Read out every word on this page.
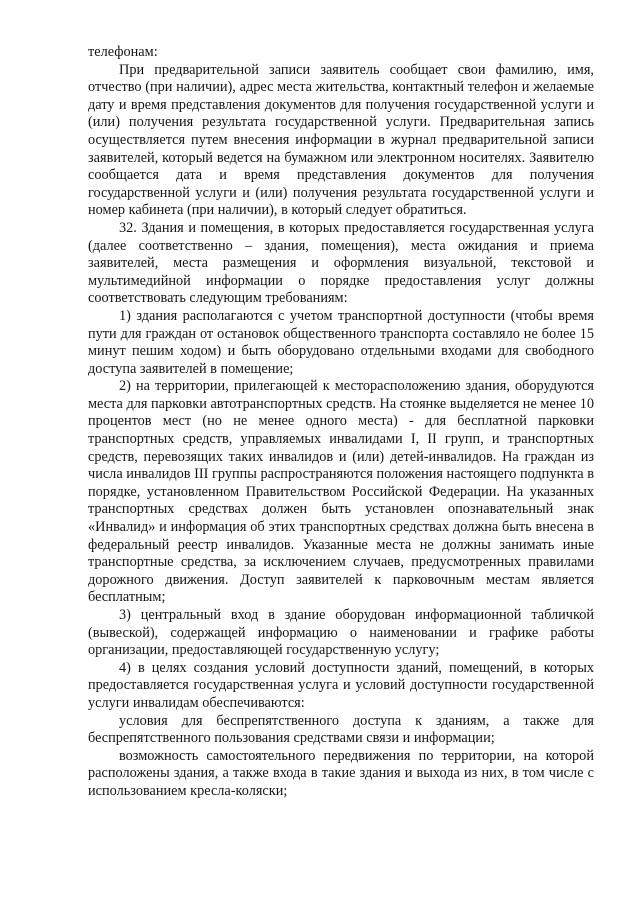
телефонам:

При предварительной записи заявитель сообщает свои фамилию, имя, отчество (при наличии), адрес места жительства, контактный телефон и желаемые дату и время представления документов для получения государственной услуги и (или) получения результата государственной услуги. Предварительная запись осуществляется путем внесения информации в журнал предварительной записи заявителей, который ведется на бумажном или электронном носителях. Заявителю сообщается дата и время представления документов для получения государственной услуги и (или) получения результата государственной услуги и номер кабинета (при наличии), в который следует обратиться.

32. Здания и помещения, в которых предоставляется государственная услуга (далее соответственно – здания, помещения), места ожидания и приема заявителей, места размещения и оформления визуальной, текстовой и мультимедийной информации о порядке предоставления услуг должны соответствовать следующим требованиям:

1) здания располагаются с учетом транспортной доступности (чтобы время пути для граждан от остановок общественного транспорта составляло не более 15 минут пешим ходом) и быть оборудовано отдельными входами для свободного доступа заявителей в помещение;

2) на территории, прилегающей к месторасположению здания, оборудуются места для парковки автотранспортных средств. На стоянке выделяется не менее 10 процентов мест (но не менее одного места) - для бесплатной парковки транспортных средств, управляемых инвалидами I, II групп, и транспортных средств, перевозящих таких инвалидов и (или) детей-инвалидов. На граждан из числа инвалидов III группы распространяются положения настоящего подпункта в порядке, установленном Правительством Российской Федерации. На указанных транспортных средствах должен быть установлен опознавательный знак «Инвалид» и информация об этих транспортных средствах должна быть внесена в федеральный реестр инвалидов. Указанные места не должны занимать иные транспортные средства, за исключением случаев, предусмотренных правилами дорожного движения. Доступ заявителей к парковочным местам является бесплатным;

3) центральный вход в здание оборудован информационной табличкой (вывеской), содержащей информацию о наименовании и графике работы организации, предоставляющей государственную услугу;

4) в целях создания условий доступности зданий, помещений, в которых предоставляется государственная услуга и условий доступности государственной услуги инвалидам обеспечиваются:

условия для беспрепятственного доступа к зданиям, а также для беспрепятственного пользования средствами связи и информации;

возможность самостоятельного передвижения по территории, на которой расположены здания, а также входа в такие здания и выхода из них, в том числе с использованием кресла-коляски;
